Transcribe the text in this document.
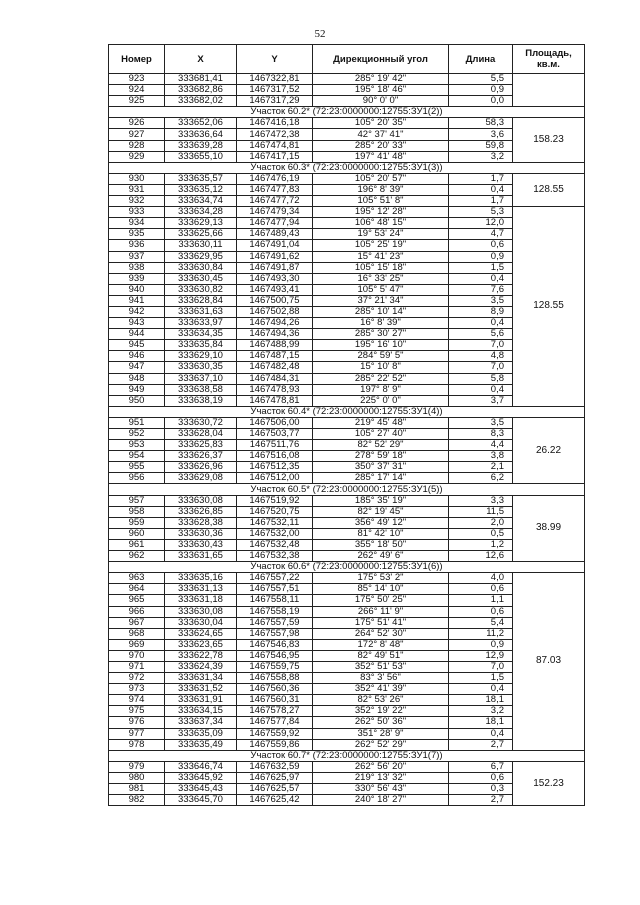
52
Номер	X	Y	Дирекционный угол	Длина	Площадь, кв.м.
923	333681,41	1467322,81	285° 19' 42"	5,5	
924	333682,86	1467317,52	195° 18' 46"	0,9	
925	333682,02	1467317,29	90° 0' 0"	0,0	
Участок 60.2* (72:23:0000000:12755:ЗУ1(2))					
926	333652,06	1467416,18	105° 20' 35"	58,3	158.23
927	333636,64	1467472,38	42° 37' 41"	3,6	
928	333639,28	1467474,81	285° 20' 33"	59,8	
929	333655,10	1467417,15	197° 41' 48"	3,2	
Участок 60.3* (72:23:0000000:12755:ЗУ1(3))					
930	333635,57	1467476,19	105° 20' 57"	1,7	128.55
931	333635,12	1467477,83	196° 8' 39"	0,4	
932	333634,74	1467477,72	105° 51' 8"	1,7	
933	333634,28	1467479,34	195° 12' 28"	5,3	128.55
934	333629,13	1467477,94	106° 48' 15"	12,0	
935	333625,66	1467489,43	19° 53' 24"	4,7	
936	333630,11	1467491,04	105° 25' 19"	0,6	
937	333629,95	1467491,62	15° 41' 23"	0,9	
938	333630,84	1467491,87	105° 15' 18"	1,5	
939	333630,45	1467493,30	16° 33' 25"	0,4	
940	333630,82	1467493,41	105° 5' 47"	7,6	
941	333628,84	1467500,75	37° 21' 34"	3,5	
942	333631,63	1467502,88	285° 10' 14"	8,9	
943	333633,97	1467494,26	16° 8' 39"	0,4	
944	333634,35	1467494,36	285° 30' 27"	5,6	
945	333635,84	1467488,99	195° 16' 10"	7,0	
946	333629,10	1467487,15	284° 59' 5"	4,8	
947	333630,35	1467482,48	15° 10' 8"	7,0	
948	333637,10	1467484,31	285° 22' 52"	5,8	
949	333638,58	1467478,93	197° 8' 9"	0,4	
950	333638,19	1467478,81	225° 0' 0"	3,7	
Участок 60.4* (72:23:0000000:12755:ЗУ1(4))					
951	333630,72	1467506,00	219° 45' 48"	3,5	26.22
952	333628,04	1467503,77	105° 27' 40"	8,3	
953	333625,83	1467511,76	82° 52' 29"	4,4	
954	333626,37	1467516,08	278° 59' 18"	3,8	
955	333626,96	1467512,35	350° 37' 31"	2,1	
956	333629,08	1467512,00	285° 17' 14"	6,2	
Участок 60.5* (72:23:0000000:12755:ЗУ1(5))					
957	333630,08	1467519,92	185° 35' 19"	3,3	38.99
958	333626,85	1467520,75	82° 19' 45"	11,5	
959	333628,38	1467532,11	356° 49' 12"	2,0	
960	333630,36	1467532,00	81° 42' 10"	0,5	
961	333630,43	1467532,48	355° 18' 50"	1,2	
962	333631,65	1467532,38	262° 49' 6"	12,6	
Участок 60.6* (72:23:0000000:12755:ЗУ1(6))					
963	333635,16	1467557,22	175° 53' 2"	4,0	87.03
964	333631,13	1467557,51	85° 14' 10"	0,6	
965	333631,18	1467558,11	175° 50' 25"	1,1	
966	333630,08	1467558,19	266° 11' 9"	0,6	
967	333630,04	1467557,59	175° 51' 41"	5,4	
968	333624,65	1467557,98	264° 52' 30"	11,2	
969	333623,65	1467546,83	172° 8' 48"	0,9	
970	333622,78	1467546,95	82° 49' 51"	12,9	
971	333624,39	1467559,75	352° 51' 53"	7,0	
972	333631,34	1467558,88	83° 3' 56"	1,5	
973	333631,52	1467560,36	352° 41' 39"	0,4	
974	333631,91	1467560,31	82° 53' 26"	18,1	
975	333634,15	1467578,27	352° 19' 22"	3,2	
976	333637,34	1467577,84	262° 50' 36"	18,1	
977	333635,09	1467559,92	351° 28' 9"	0,4	
978	333635,49	1467559,86	262° 52' 29"	2,7	
Участок 60.7* (72:23:0000000:12755:ЗУ1(7))					
979	333646,74	1467632,59	262° 56' 20"	6,7	152.23
980	333645,92	1467625,97	219° 13' 32"	0,6	
981	333645,43	1467625,57	330° 56' 43"	0,3	
982	333645,70	1467625,42	240° 18' 27"	2,7	
